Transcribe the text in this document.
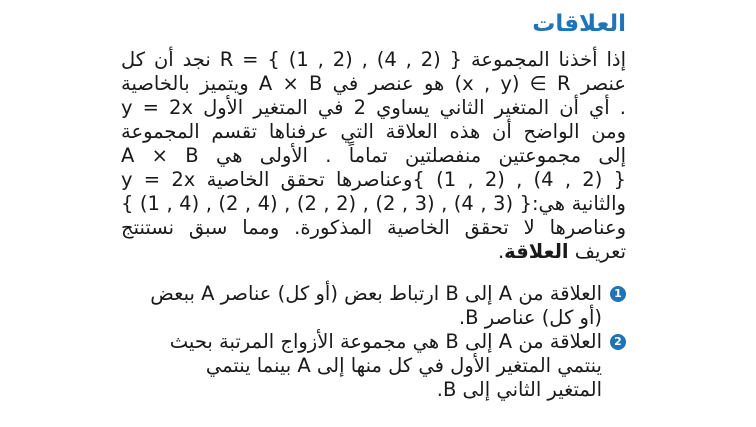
العلاقات
إذا أخذنا المجموعة { (2 , 4) , (2 , 1) } = R نجد أن كل
عنصر x , y) ∈ R) هو عنصر في A × B ويتميز بالخاصية
y = 2x أي أن المتغير الثاني يساوي 2 في المتغير الأول .
ومن الواضح أن هذه العلاقة التي عرفناها تقسم المجموعة
A × B إلى مجموعتين منفصلتين تماماً . الأولى هي
{ (2 , 4) , (2 , 1) }وعناصرها تحقق الخاصية y = 2x
والثانية هي:{ (3 , 4) , (3 , 2) , (2 , 2) , (4 , 2) , (4 , 1) }
وعناصرها لا تحقق الخاصية المذكورة. ومما سبق نستنتج
تعريف العلاقة.
1
العلاقة من A إلى B ارتباط بعض (أو كل) عناصر A ببعض
(أو كل) عناصر B.
2
العلاقة من A إلى B هي مجموعة الأزواج المرتبة بحيث
ينتمي المتغير الأول في كل منها إلى A بينما ينتمي
المتغير الثاني إلى B.
